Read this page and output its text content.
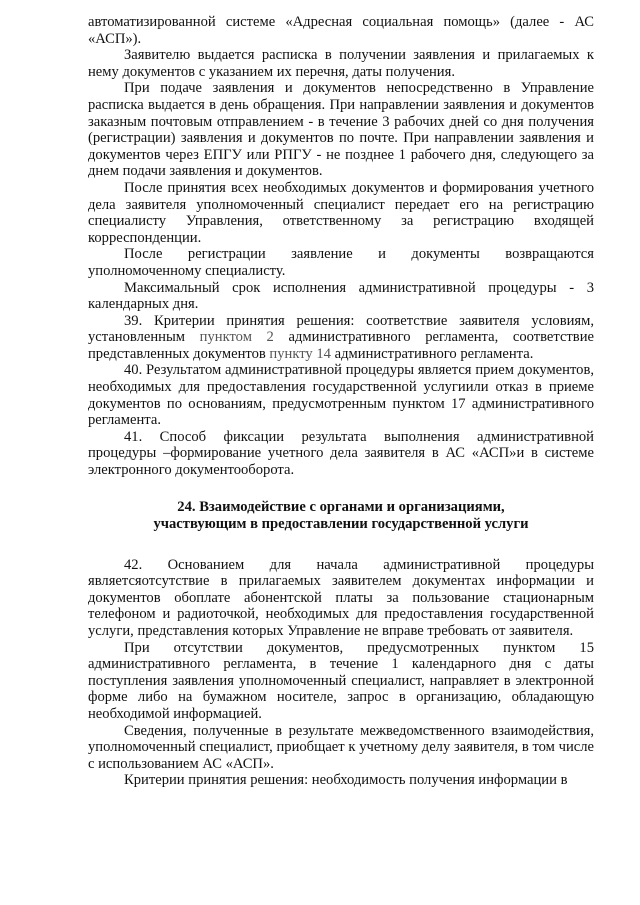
автоматизированной системе «Адресная социальная помощь» (далее - АС «АСП»).

Заявителю выдается расписка в получении заявления и прилагаемых к нему документов с указанием их перечня, даты получения.

При подаче заявления и документов непосредственно в Управление расписка выдается в день обращения. При направлении заявления и документов заказным почтовым отправлением - в течение 3 рабочих дней со дня получения (регистрации) заявления и документов по почте. При направлении заявления и документов через ЕПГУ или РПГУ - не позднее 1 рабочего дня, следующего за днем подачи заявления и документов.

После принятия всех необходимых документов и формирования учетного дела заявителя уполномоченный специалист передает его на регистрацию специалисту Управления, ответственному за регистрацию входящей корреспонденции.

После регистрации заявление и документы возвращаются уполномоченному специалисту.

Максимальный срок исполнения административной процедуры - 3 календарных дня.

39. Критерии принятия решения: соответствие заявителя условиям, установленным пунктом 2 административного регламента, соответствие представленных документов пункту 14 административного регламента.

40. Результатом административной процедуры является прием документов, необходимых для предоставления государственной услугиили отказ в приеме документов по основаниям, предусмотренным пунктом 17 административного регламента.

41. Способ фиксации результата выполнения административной процедуры –формирование учетного дела заявителя в АС «АСП»и в системе электронного документооборота.

24. Взаимодействие с органами и организациями,
участвующим в предоставлении государственной услуги

42. Основанием для начала административной процедуры являетсяотсутствие в прилагаемых заявителем документах информации и документов обоплате абонентской платы за пользование стационарным телефоном и радиоточкой, необходимых для предоставления государственной услуги, представления которых Управление не вправе требовать от заявителя.

При отсутствии документов, предусмотренных пунктом 15 административного регламента, в течение 1 календарного дня с даты поступления заявления уполномоченный специалист, направляет в электронной форме либо на бумажном носителе, запрос в организацию, обладающую необходимой информацией.

Сведения, полученные в результате межведомственного взаимодействия, уполномоченный специалист, приобщает к учетному делу заявителя, в том числе с использованием АС «АСП».

Критерии принятия решения: необходимость получения информации в
